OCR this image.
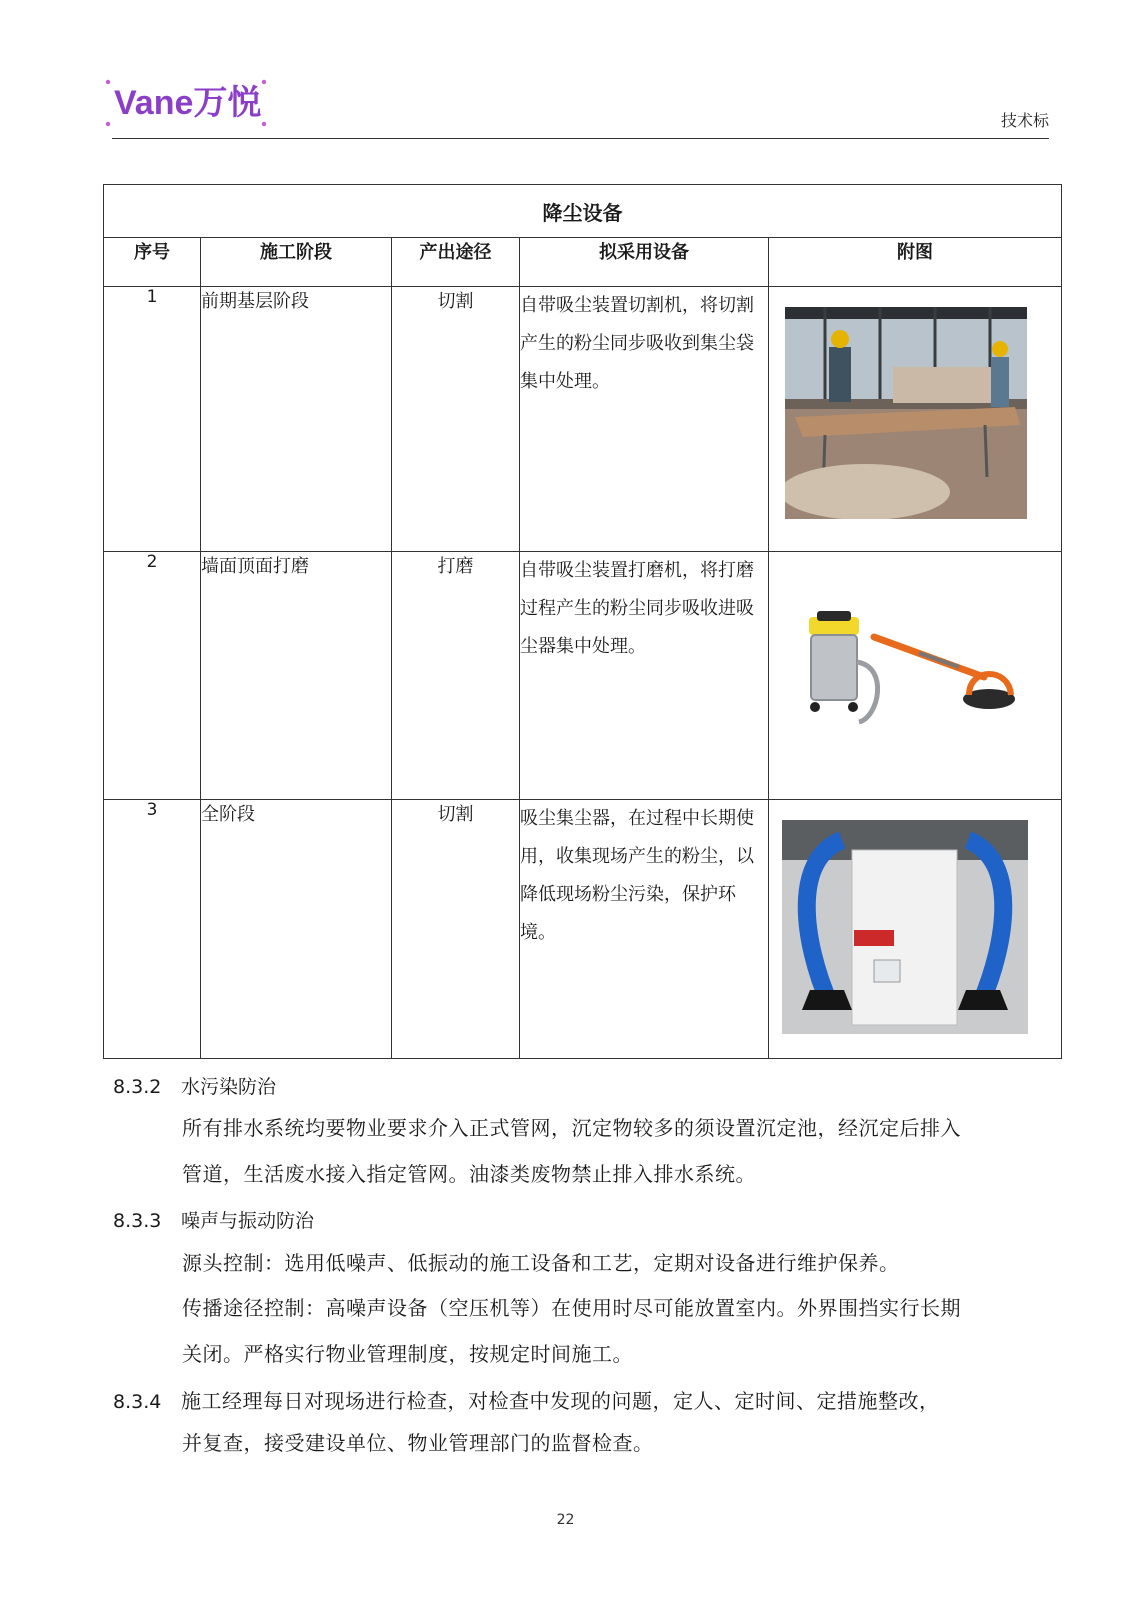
Vane万悦	技术标
降尘设备				
序号	施工阶段	产出途径	拟采用设备	附图
1	前期基层阶段	切割	自带吸尘装置切割机，将切割产生的粉尘同步吸收到集尘袋集中处理。	

2	墙面顶面打磨	打磨	自带吸尘装置打磨机，将打磨过程产生的粉尘同步吸收进吸尘器集中处理。	

3	全阶段	切割	吸尘集尘器，在过程中长期使用，收集现场产生的粉尘，以降低现场粉尘污染，保护环境。	
8.3.2 水污染防治
所有排水系统均要物业要求介入正式管网，沉定物较多的须设置沉定池，经沉定后排入
管道，生活废水接入指定管网。油漆类废物禁止排入排水系统。
8.3.3 噪声与振动防治
源头控制：选用低噪声、低振动的施工设备和工艺，定期对设备进行维护保养。
传播途径控制：高噪声设备（空压机等）在使用时尽可能放置室内。外界围挡实行长期
关闭。严格实行物业管理制度，按规定时间施工。
8.3.4 施工经理每日对现场进行检查，对检查中发现的问题，定人、定时间、定措施整改，
并复查，接受建设单位、物业管理部门的监督检查。
22
